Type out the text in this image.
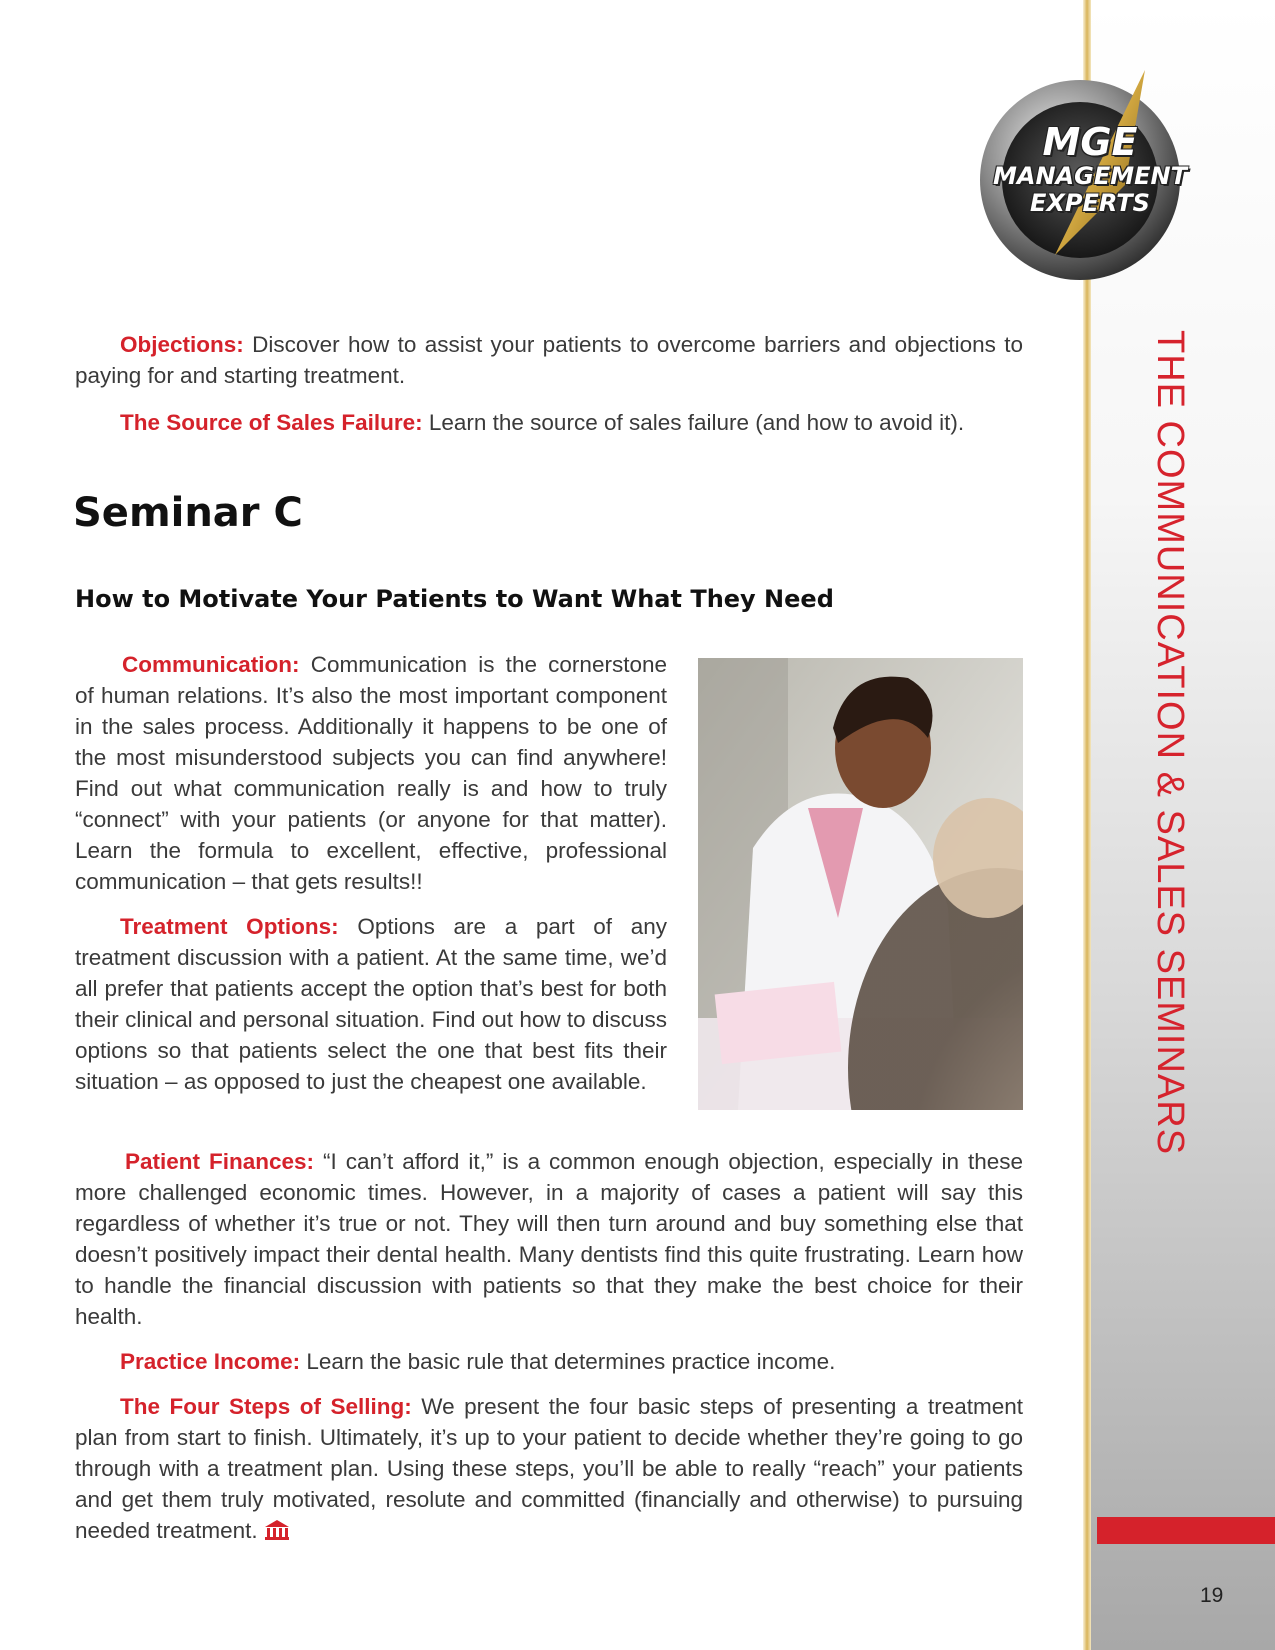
THE COMMUNICATION & SALES SEMINARS
19
MGE
MANAGEMENT
EXPERTS

Objections: Discover how to assist your patients to overcome barriers and objections to paying for and starting treatment.

The Source of Sales Failure: Learn the source of sales failure (and how to avoid it).

Seminar C
How to Motivate Your Patients to Want What They Need

Communication: Communication is the cornerstone of human relations. It’s also the most important component in the sales process. Additionally it happens to be one of the most misunderstood subjects you can find anywhere! Find out what communication really is and how to truly “connect” with your patients (or anyone for that matter). Learn the formula to excellent, effective, professional communication – that gets results!!

Treatment Options: Options are a part of any treatment discussion with a patient. At the same time, we’d all prefer that patients accept the option that’s best for both their clinical and personal situation. Find out how to discuss options so that patients select the one that best fits their situation – as opposed to just the cheapest one available.

Patient Finances: “I can’t afford it,” is a common enough objection, especially in these more challenged economic times. However, in a majority of cases a patient will say this regardless of whether it’s true or not. They will then turn around and buy something else that doesn’t positively impact their dental health. Many dentists find this quite frustrating. Learn how to handle the financial discussion with patients so that they make the best choice for their health.

Practice Income: Learn the basic rule that determines practice income.

The Four Steps of Selling: We present the four basic steps of presenting a treatment plan from start to finish. Ultimately, it’s up to your patient to decide whether they’re going to go through with a treatment plan. Using these steps, you’ll be able to really “reach” your patients and get them truly motivated, resolute and committed (financially and otherwise) to pursuing needed treatment.
